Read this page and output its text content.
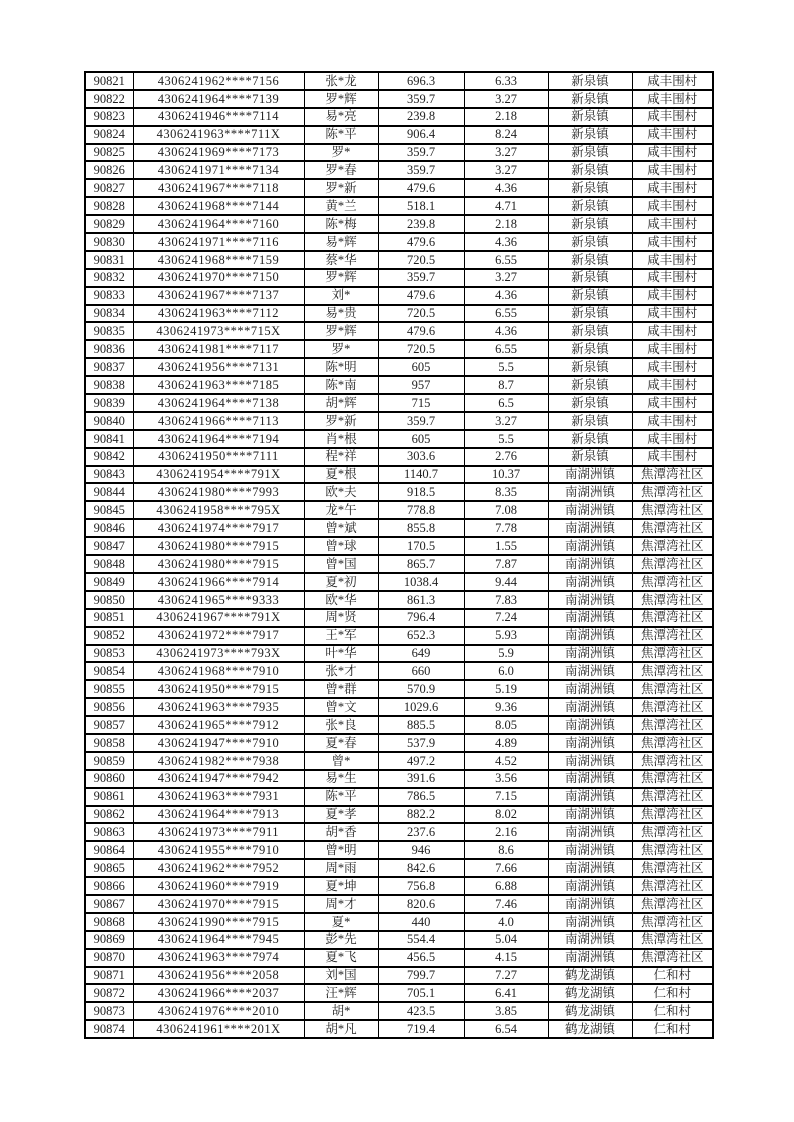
90821	4306241962****7156	张*龙	696.3	6.33	新泉镇	咸丰围村
90822	4306241964****7139	罗*辉	359.7	3.27	新泉镇	咸丰围村
90823	4306241946****7114	易*亮	239.8	2.18	新泉镇	咸丰围村
90824	4306241963****711X	陈*平	906.4	8.24	新泉镇	咸丰围村
90825	4306241969****7173	罗*	359.7	3.27	新泉镇	咸丰围村
90826	4306241971****7134	罗*春	359.7	3.27	新泉镇	咸丰围村
90827	4306241967****7118	罗*新	479.6	4.36	新泉镇	咸丰围村
90828	4306241968****7144	黄*兰	518.1	4.71	新泉镇	咸丰围村
90829	4306241964****7160	陈*梅	239.8	2.18	新泉镇	咸丰围村
90830	4306241971****7116	易*辉	479.6	4.36	新泉镇	咸丰围村
90831	4306241968****7159	蔡*华	720.5	6.55	新泉镇	咸丰围村
90832	4306241970****7150	罗*辉	359.7	3.27	新泉镇	咸丰围村
90833	4306241967****7137	刘*	479.6	4.36	新泉镇	咸丰围村
90834	4306241963****7112	易*贵	720.5	6.55	新泉镇	咸丰围村
90835	4306241973****715X	罗*辉	479.6	4.36	新泉镇	咸丰围村
90836	4306241981****7117	罗*	720.5	6.55	新泉镇	咸丰围村
90837	4306241956****7131	陈*明	605	5.5	新泉镇	咸丰围村
90838	4306241963****7185	陈*南	957	8.7	新泉镇	咸丰围村
90839	4306241964****7138	胡*辉	715	6.5	新泉镇	咸丰围村
90840	4306241966****7113	罗*新	359.7	3.27	新泉镇	咸丰围村
90841	4306241964****7194	肖*根	605	5.5	新泉镇	咸丰围村
90842	4306241950****7111	程*祥	303.6	2.76	新泉镇	咸丰围村
90843	4306241954****791X	夏*根	1140.7	10.37	南湖洲镇	焦潭湾社区
90844	4306241980****7993	欧*夫	918.5	8.35	南湖洲镇	焦潭湾社区
90845	4306241958****795X	龙*午	778.8	7.08	南湖洲镇	焦潭湾社区
90846	4306241974****7917	曾*斌	855.8	7.78	南湖洲镇	焦潭湾社区
90847	4306241980****7915	曾*球	170.5	1.55	南湖洲镇	焦潭湾社区
90848	4306241980****7915	曾*国	865.7	7.87	南湖洲镇	焦潭湾社区
90849	4306241966****7914	夏*初	1038.4	9.44	南湖洲镇	焦潭湾社区
90850	4306241965****9333	欧*华	861.3	7.83	南湖洲镇	焦潭湾社区
90851	4306241967****791X	周*贤	796.4	7.24	南湖洲镇	焦潭湾社区
90852	4306241972****7917	王*军	652.3	5.93	南湖洲镇	焦潭湾社区
90853	4306241973****793X	叶*华	649	5.9	南湖洲镇	焦潭湾社区
90854	4306241968****7910	张*才	660	6.0	南湖洲镇	焦潭湾社区
90855	4306241950****7915	曾*群	570.9	5.19	南湖洲镇	焦潭湾社区
90856	4306241963****7935	曾*文	1029.6	9.36	南湖洲镇	焦潭湾社区
90857	4306241965****7912	张*良	885.5	8.05	南湖洲镇	焦潭湾社区
90858	4306241947****7910	夏*春	537.9	4.89	南湖洲镇	焦潭湾社区
90859	4306241982****7938	曾*	497.2	4.52	南湖洲镇	焦潭湾社区
90860	4306241947****7942	易*生	391.6	3.56	南湖洲镇	焦潭湾社区
90861	4306241963****7931	陈*平	786.5	7.15	南湖洲镇	焦潭湾社区
90862	4306241964****7913	夏*孝	882.2	8.02	南湖洲镇	焦潭湾社区
90863	4306241973****7911	胡*香	237.6	2.16	南湖洲镇	焦潭湾社区
90864	4306241955****7910	曾*明	946	8.6	南湖洲镇	焦潭湾社区
90865	4306241962****7952	周*雨	842.6	7.66	南湖洲镇	焦潭湾社区
90866	4306241960****7919	夏*坤	756.8	6.88	南湖洲镇	焦潭湾社区
90867	4306241970****7915	周*才	820.6	7.46	南湖洲镇	焦潭湾社区
90868	4306241990****7915	夏*	440	4.0	南湖洲镇	焦潭湾社区
90869	4306241964****7945	彭*先	554.4	5.04	南湖洲镇	焦潭湾社区
90870	4306241963****7974	夏*飞	456.5	4.15	南湖洲镇	焦潭湾社区
90871	4306241956****2058	刘*国	799.7	7.27	鹤龙湖镇	仁和村
90872	4306241966****2037	汪*辉	705.1	6.41	鹤龙湖镇	仁和村
90873	4306241976****2010	胡*	423.5	3.85	鹤龙湖镇	仁和村
90874	4306241961****201X	胡*凡	719.4	6.54	鹤龙湖镇	仁和村
